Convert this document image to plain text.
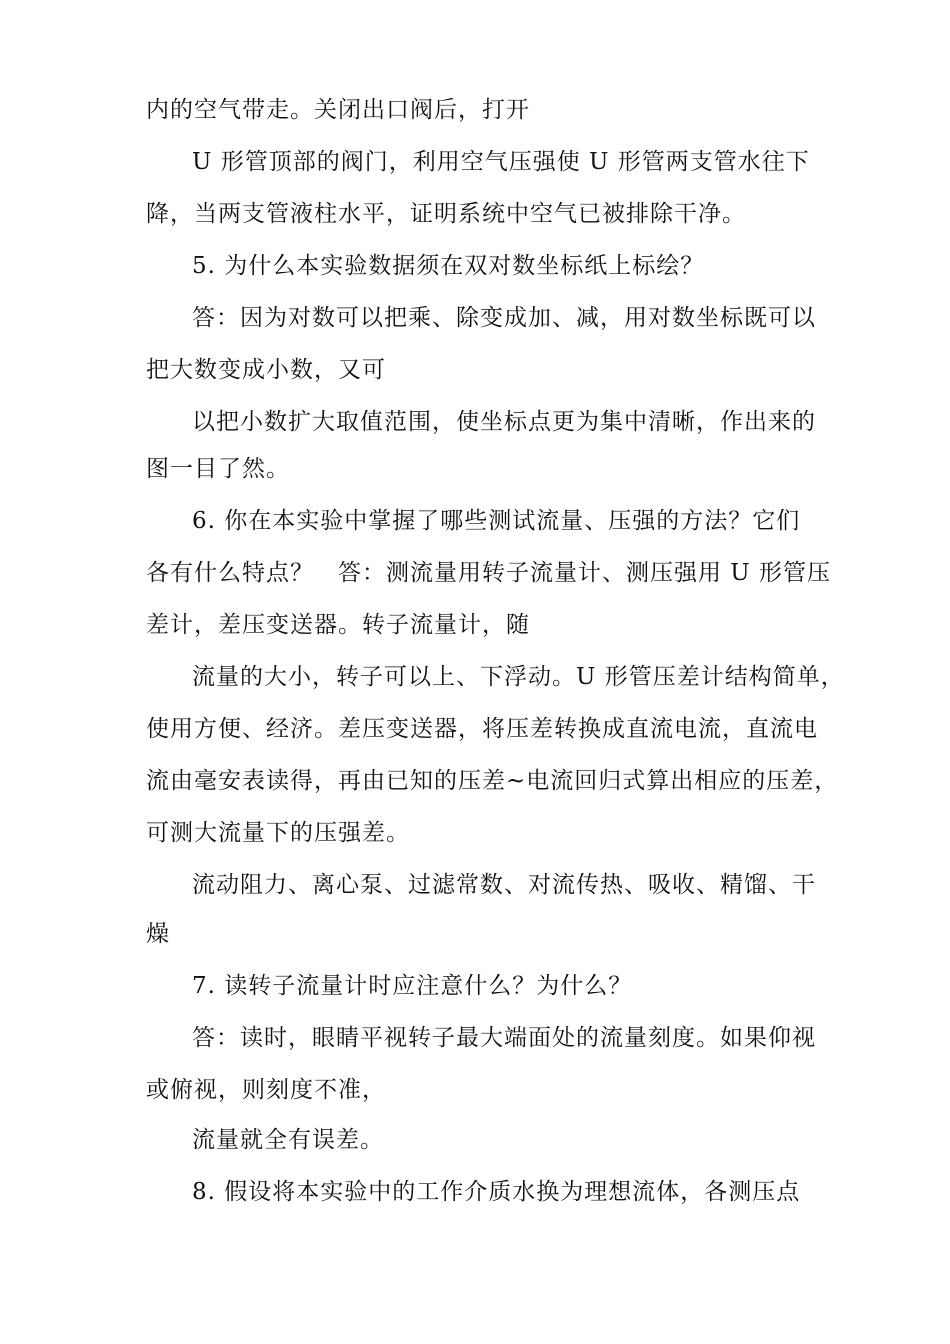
内的空气带走。关闭出口阀后，打开
U 形管顶部的阀门，利用空气压强使 U 形管两支管水往下
降，当两支管液柱水平，证明系统中空气已被排除干净。
5. 为什么本实验数据须在双对数坐标纸上标绘？
答：因为对数可以把乘、除变成加、减，用对数坐标既可以
把大数变成小数，又可
以把小数扩大取值范围，使坐标点更为集中清晰，作出来的
图一目了然。
6. 你在本实验中掌握了哪些测试流量、压强的方法？它们
各有什么特点？　答：测流量用转子流量计、测压强用 U 形管压
差计，差压变送器。转子流量计，随
流量的大小，转子可以上、下浮动。U 形管压差计结构简单，
使用方便、经济。差压变送器，将压差转换成直流电流，直流电
流由毫安表读得，再由已知的压差~电流回归式算出相应的压差，
可测大流量下的压强差。
流动阻力、离心泵、过滤常数、对流传热、吸收、精馏、干
燥
7. 读转子流量计时应注意什么？为什么？
答：读时，眼睛平视转子最大端面处的流量刻度。如果仰视
或俯视，则刻度不准，
流量就全有误差。
8. 假设将本实验中的工作介质水换为理想流体，各测压点
